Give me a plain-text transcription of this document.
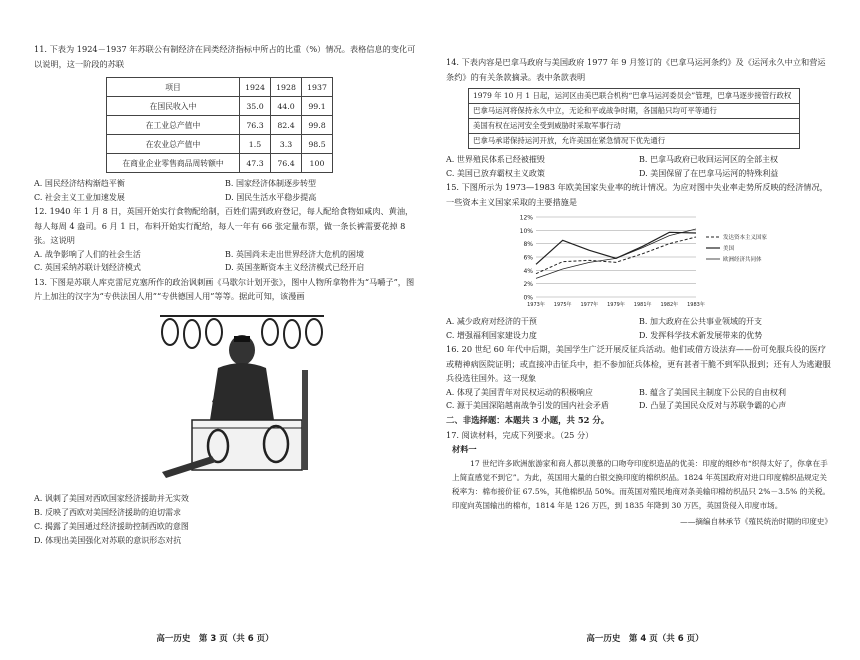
11. 下表为 1924－1937 年苏联公有制经济在同类经济指标中所占的比重（%）情况。表格信息的变化可以说明，这一阶段的苏联

项目	1924	1928	1937
在国民收入中	35.0	44.0	99.1
在工业总产值中	76.3	82.4	99.8
在农业总产值中	1.5	3.3	98.5
在商业企业零售商品周转额中	47.3	76.4	100
A. 国民经济结构渐趋平衡	B. 国家经济体制逐步转型
C. 社会主义工业加速发展	D. 国民生活水平稳步提高

12. 1940 年 1 月 8 日，英国开始实行食物配给制，百姓们需到政府登记，每人配给食物如咸肉、黄油，每人每周 4 盎司。6 月 1 日，布料开始实行配给，每人一年有 66 张定量布票，做一条长裤需要花掉 8 张。这说明

A. 战争影响了人们的社会生活	B. 英国尚未走出世界经济大危机的困境
C. 英国采纳苏联计划经济模式	D. 英国垄断资本主义经济模式已经开启

13. 下图是苏联人库克雷尼克塞所作的政治讽刺画《马歇尔计划开张》，图中人物所拿物件为“马嚼子”，图片上加注的汉字为“专供法国人用”“专供德国人用”等等。据此可知，该漫画

A. 讽刺了美国对西欧国家经济援助并无实效
B. 反映了西欧对美国经济援助的迫切需求
C. 揭露了美国通过经济援助控制西欧的意图
D. 体现出美国强化对苏联的意识形态对抗
高一历史　第 3 页（共 6 页）

14. 下表内容是巴拿马政府与美国政府 1977 年 9 月签订的《巴拿马运河条约》及《运河永久中立和营运条约》的有关条款摘录。表中条款表明

1979 年 10 月 1 日起，运河区由美巴联合机构“巴拿马运河委员会”管理，巴拿马逐步接管行政权
巴拿马运河将保持永久中立，无论和平或战争时期，各国船只均可平等通行
美国有权在运河安全受到威胁时采取军事行动
巴拿马承诺保持运河开放，允许美国在紧急情况下优先通行
A. 世界殖民体系已经被摧毁	B. 巴拿马政府已收回运河区的全部主权
C. 美国已放弃霸权主义政策	D. 美国保留了在巴拿马运河的特殊利益

15. 下图所示为 1973—1983 年欧美国家失业率的统计情况。为应对图中失业率走势所反映的经济情况，一些资本主义国家采取的主要措施是

0%
2%
4%
6%
8%
10%
12%
1973年 1975年 1977年 1979年 1981年 1982年 1983年
发达资本主义国家
美国
欧洲经济共同体
A. 减少政府对经济的干预	B. 加大政府在公共事业领域的开支
C. 增强福利国家建设力度	D. 发挥科学技术新发展带来的优势

16. 20 世纪 60 年代中后期，美国学生广泛开展反征兵活动。他们或借方设法弃——份可免服兵役的医疗或精神病医院证明；或直接冲击征兵中，拒不参加征兵体检，更有甚者干脆不到军队报到；还有人为逃避服兵役选往国外。这一现象

A. 体现了美国青年对民权运动的积极响应	B. 蕴含了美国民主制度下公民的自由权利
C. 源于美国深陷越南战争引发的国内社会矛盾	D. 凸显了美国民众反对与苏联争霸的心声
二、非选择题：本题共 3 小题，共 52 分。

17. 阅读材料，完成下列要求。（25 分）

材料一

17 世纪许多欧洲旅游家和商人都以羡慕的口吻夸印度织造品的优美：印度的细纱布“织得太好了，你拿在手上简直感觉不到它”。为此，英国用大量的白银交换印度的棉织织品。1824 年英国政府对进口印度棉织品规定关税率为：棉布接价征 67.5%，其他棉织品 50%。而英国对殖民地商对条美输印棉纺织品只 2%－3.5% 的关税。印度向英国输出的棉布，1814 年是 126 万匹，到 1835 年降到 30 万匹，英国货侵入印度市场。

——摘编自林承节《殖民统治时期的印度史》
高一历史　第 4 页（共 6 页）
